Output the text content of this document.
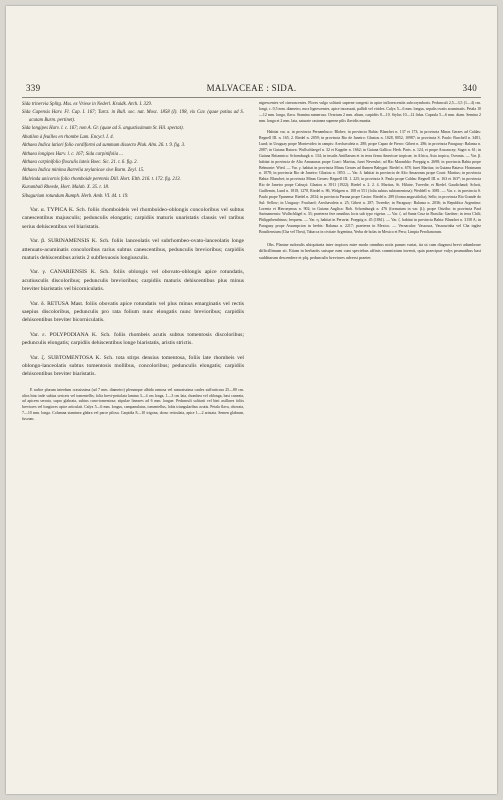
339	MALVACEAE : SIDA.	340

Sida trinervia Splitg. Mss. ex Vriese in Nederl. Kruidk. Arch. I. 329.

Sida Capensis Harv. Fl. Cap. I. 167; Turcz. in Bull. soc. nat. Mosc. 1858 (I). 198, vix Cav. (quae potius ad S. acutam Burm. pertinet).

Sida longipes Harv. l. c. 167; non A. Gr. (quae ad S. angustissimam St. Hil. spectat).

Abutilon à feuilles en rhombe Lam. Encycl. I. 4.

Althaea Indica latiori folio cordiformi ad summum dissecto Pluk. Alm. 26. t. 9. fig. 3.

Althaea longipes Harv. l. c. 167; Sida carpinifolia ...

Althaea carpinifolio flosculis luteis Boec. Sic. 21. t. 6. fig. 2.

Althaea Indica minima Barrelia zeylanicae sive Burm. Zeyl. 15.

Malvinda unicornis folio rhomboide perennis Dill. Hort. Elth. 216. t. 172. fig. 213.

Kurumbali Rheede, Hort. Malab. X. 35. t. 18.

Sibagurium rotundum Rumph. Herb. Amb. VI. 44. t. 19.

Var. α. TYPICA K. Sch. foliis rhomboideis vel rhomboideo-oblongis concoloribus vel subtus canescentibus majusculis; pedunculis elongatis; carpidiis maturis unaristatis clausis vel raribus serius dehiscentibus vel biaristatis.

Var. β. SURINAMENSIS K. Sch. foliis lanceolatis vel subrhombeo-ovato-lanceolatis longe attenuato-acuminatis concoloribus rarius subtus canescentibus, pedunculis brevioribus; carpidiis maturis dehiscentibus aristis 2 subflexuosis longiusculis.

Var. γ. CANARIENSIS K. Sch. foliis oblongis vel obovato-oblongis apice rotundatis, acutiusculis discoloribus; pedunculis brevioribus; carpidiis maturis dehiscentibus plus minus breviter biaristatis vel bicorniculatis.

Var. δ. RETUSA Mast. foliis obovatis apice rotundatis vel plus minus emarginatis vel rectis saepius discoloribus, pedunculis pro rata folium nunc elongatis nunc brevioribus; carpidiis dehiscentibus breviter bicorniculatis.

Var. ε. POLYPODIANA K. Sch. foliis rhombeis acutis subtus tomentosis discoloribus; pedunculis elongatis; carpidiis dehiscentibus longe biaristatis, aristis strictis.

Var. ζ. SUBTOMENTOSA K. Sch. tota stirps densius tomentosa, foliis late rhombeis vel oblongo-lanceolatis subtus tomentosis mollibus, concoloribus; pedunculis elongatis; carpidiis dehiscentibus breviter biaristatis.

E radice plurum interdum crassissima (ad 7 mm. diametro) plerumque albida ramosa vel ramosissima caules suffruticosa 25—80 cm. altos hinc inde subtus sericeis vel tomentellis; folia brevi-petiolata lamina 3—4 cm longa, 1—3 cm lata, rhombea vel oblonga, basi cuneata, ad apicem serrata, supra glabrata, subtus cano-tomentosa; stipulae lineares ad 6 mm. longae. Pedunculi solitarii vel bini axillares foliis breviores vel longiores apice articulati. Calyx 5—6 mm. longus, campanulatus, tomentellus, lobis triangularibus acutis. Petala flava, obovata, 7—10 mm. longa. Columna staminea glabra vel parce pilosa. Carpidia 8—10 trigona, dorso reticulata, apice 1—2 aristata. Semen glabrum, fuscum.

nigrescentes vel cinerascentes. Flores vulgo solitarii superne congesti in apice inflorescentiis subcorymbosis. Pedunculi 2,5—3,5 (1—4) cm. longi, c. 0,5 mm. diametro, mox lignescentes, apice incrassati, pallidi vel virides. Calyx 5—6 mm. longus, sepalis ovatis acuminatis. Petala 10—12 mm. longa, flava. Stamina numerosa. Ovarium 2 mm. altum, carpidiis 8—10. Stylus 10—12 fidus. Capsula 5—6 mm. diam. Semina 2 mm. longa et 2 mm. lata, saturate castanea superne pilis flavidis munita.

Habitat var. α. in provincia Pernambuco: Blober; in provincia Bahia: Blanchet n. 137 et 173; in provincia Minas Geraes ad Caldas: Regnell III. n. 165, 2. Riedel n. 2059; in provincia Rio de Janeiro: Glaziou n. 1028, 8052, 10987; in provincia S. Paulo: Burchell n. 3481, Lund; in Uruguay prope Montevideo in campis: Arechavaleta n. 280; prope Capao de Fierro: Gibert n. 286; in provincia Paraguay: Balansa n. 2087; in Guiana Batava: Wullschlaegel n. 32 et Kappler n. 1662; in Guiana Gallica: Herb. Paris. n. 124, et prope Aracaucay; Sagot n. 61; in Guiana Britannica: Schomburgk n. 134; in insulis Antillarum et in terra firma Americae tropicae; in Africa, Asia tropica, Oceania. — Var. β. habitat in provincia de Alto Amazonas prope Coari: Martius, furet Neveuhri; ad Rio Maranhão: Poeppig n. 2698; in provincia Bahia prope Belmonte: Wied. — Var. γ. habitat in provincia Minas Geraes ad flumen Bahygni: Riedel n. 678; furet Martius; in Guiana Batava: Hostmann n. 1078; in provincia Rio de Janeiro: Glaziou n. 1853. — Var. δ. habitat in provincia de Alto Amazonas prope Coari: Martius; in provincia Bahia: Blanchet; in provincia Minas Geraes: Regnell III. 1. 225; in provincia S. Paulo prope Caldas: Regnell III. n. 163 et 163*; in provincia Rio de Janeiro prope Cabuçú: Glaziou n. 3911 (1922); Riedel n. 2. 2. 4. Martius, St. Hilaire, Tweedie, et Riedel. Gaudichaud; Schott, Guillemin, Lund n. 1818, 1278, Riedel n. 86, Widgren n. 108 et 551 (folia subtus subtomentosa); Weddell n. 3081. — Var. ε. in provincia S. Paulo prope Ypanema: Riedel n. 2034; in provincia Parana prope Castro: Riedel n. 289 (forma angustifolia); Sello; in provincia Rio Grande do Sul: Sellow; in Uruguay: Fruchard; Arechavaleta n. 25; Gibert n. 287; Tweedie; in Paraguay: Balansa n. 2036; in Republica Argentina: Lorentz et Hieronymus n. 902; in Guiana Anglica: Rob. Schomburgk n. 476 (formatum in var. β.); prope Oriziba: in provincia Pará Surinamensis: Wullschlägel n. 33; praeterea fere omnibus locis sub typo vigetur. — Var. ζ. ad Santa Cruz in Brasilia: Gardner; in terra Chili; Philippibenthinus; frequens. — Var. η. habitat in Peruvia: Poeppig n. 45 (1861). — Var. ζ. habitat in provincia Bahia: Blanchet n. 3158 A; in Paraguay prope Assumpcion in herbis: Balansa n. 2217; praeterea in Mexico. — Vernacular: Vassoura, Vassourinha vel Cha inglez Brasiliensium (Cha vel Thea), Tabacca in civitate Argentina, Yerba de bolas in Mexico et Peru; Limpia Perolianorum.

Obs. Plantae rudoralis ubiquitaria inter tropicos mire modo omnibus notis parum variat, ita ut cum diagnosi brevi adumbrare difficillimum sit. Etiam in herbariis suisque eam cum speciebus affinis commixtam invenit, quia praecipue valys prumatibus basi sudditarum descendere et plq. pedunculis breviores adversi praeter.
